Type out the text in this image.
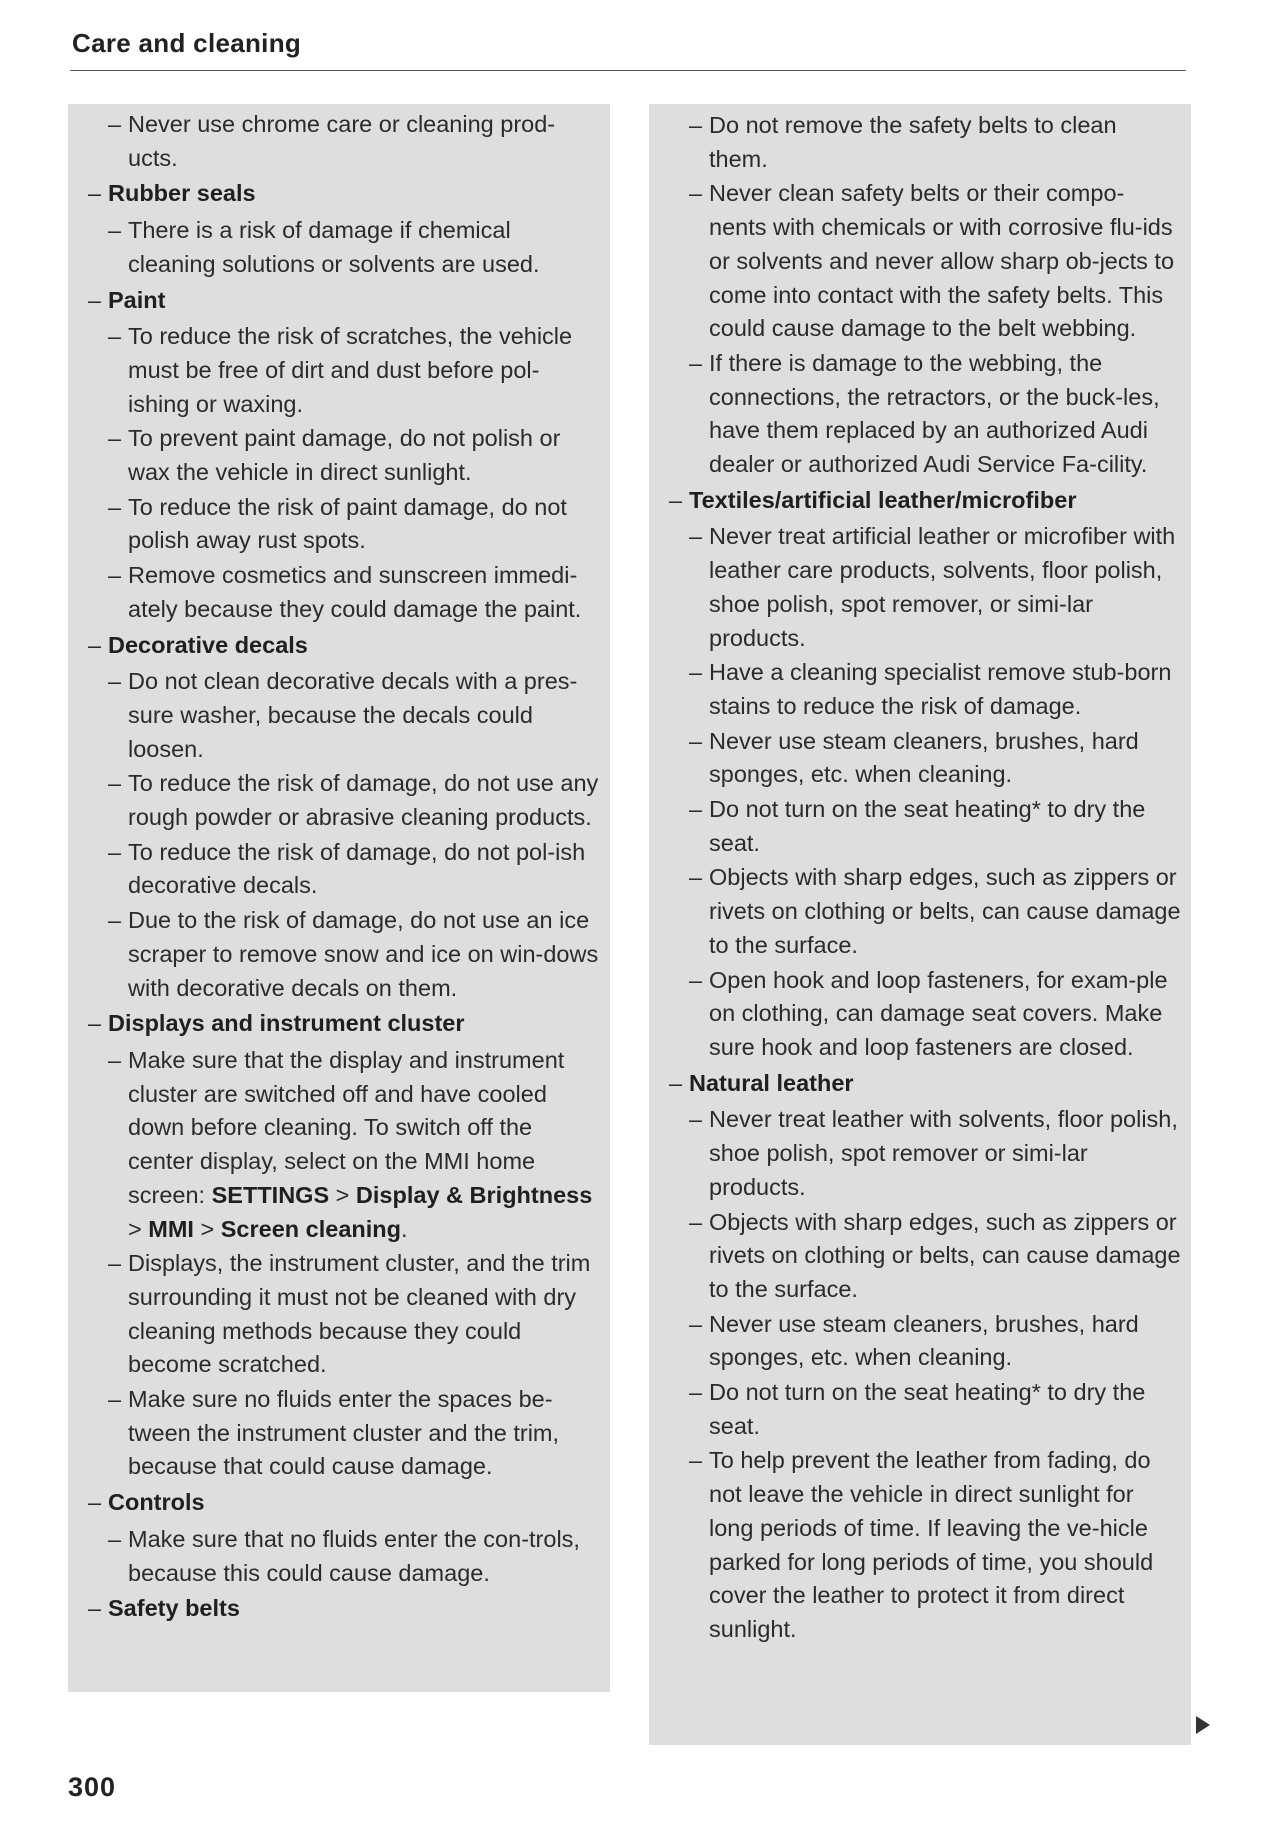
Care and cleaning

– Never use chrome care or cleaning prod-ucts.

– Rubber seals

– There is a risk of damage if chemical cleaning solutions or solvents are used.

– Paint

– To reduce the risk of scratches, the vehicle must be free of dirt and dust before pol-ishing or waxing.

– To prevent paint damage, do not polish or wax the vehicle in direct sunlight.

– To reduce the risk of paint damage, do not polish away rust spots.

– Remove cosmetics and sunscreen immedi-ately because they could damage the paint.

– Decorative decals

– Do not clean decorative decals with a pres-sure washer, because the decals could loosen.

– To reduce the risk of damage, do not use any rough powder or abrasive cleaning products.

– To reduce the risk of damage, do not pol-ish decorative decals.

– Due to the risk of damage, do not use an ice scraper to remove snow and ice on win-dows with decorative decals on them.

– Displays and instrument cluster

– Make sure that the display and instrument cluster are switched off and have cooled down before cleaning. To switch off the center display, select on the MMI home screen: SETTINGS > Display & Brightness > MMI > Screen cleaning.

– Displays, the instrument cluster, and the trim surrounding it must not be cleaned with dry cleaning methods because they could become scratched.

– Make sure no fluids enter the spaces be-tween the instrument cluster and the trim, because that could cause damage.

– Controls

– Make sure that no fluids enter the con-trols, because this could cause damage.

– Safety belts

– Do not remove the safety belts to clean them.

– Never clean safety belts or their compo-nents with chemicals or with corrosive flu-ids or solvents and never allow sharp ob-jects to come into contact with the safety belts. This could cause damage to the belt webbing.

– If there is damage to the webbing, the connections, the retractors, or the buck-les, have them replaced by an authorized Audi dealer or authorized Audi Service Fa-cility.

– Textiles/artificial leather/microfiber

– Never treat artificial leather or microfiber with leather care products, solvents, floor polish, shoe polish, spot remover, or simi-lar products.

– Have a cleaning specialist remove stub-born stains to reduce the risk of damage.

– Never use steam cleaners, brushes, hard sponges, etc. when cleaning.

– Do not turn on the seat heating* to dry the seat.

– Objects with sharp edges, such as zippers or rivets on clothing or belts, can cause damage to the surface.

– Open hook and loop fasteners, for exam-ple on clothing, can damage seat covers. Make sure hook and loop fasteners are closed.

– Natural leather

– Never treat leather with solvents, floor polish, shoe polish, spot remover or simi-lar products.

– Objects with sharp edges, such as zippers or rivets on clothing or belts, can cause damage to the surface.

– Never use steam cleaners, brushes, hard sponges, etc. when cleaning.

– Do not turn on the seat heating* to dry the seat.

– To help prevent the leather from fading, do not leave the vehicle in direct sunlight for long periods of time. If leaving the ve-hicle parked for long periods of time, you should cover the leather to protect it from direct sunlight.

300
